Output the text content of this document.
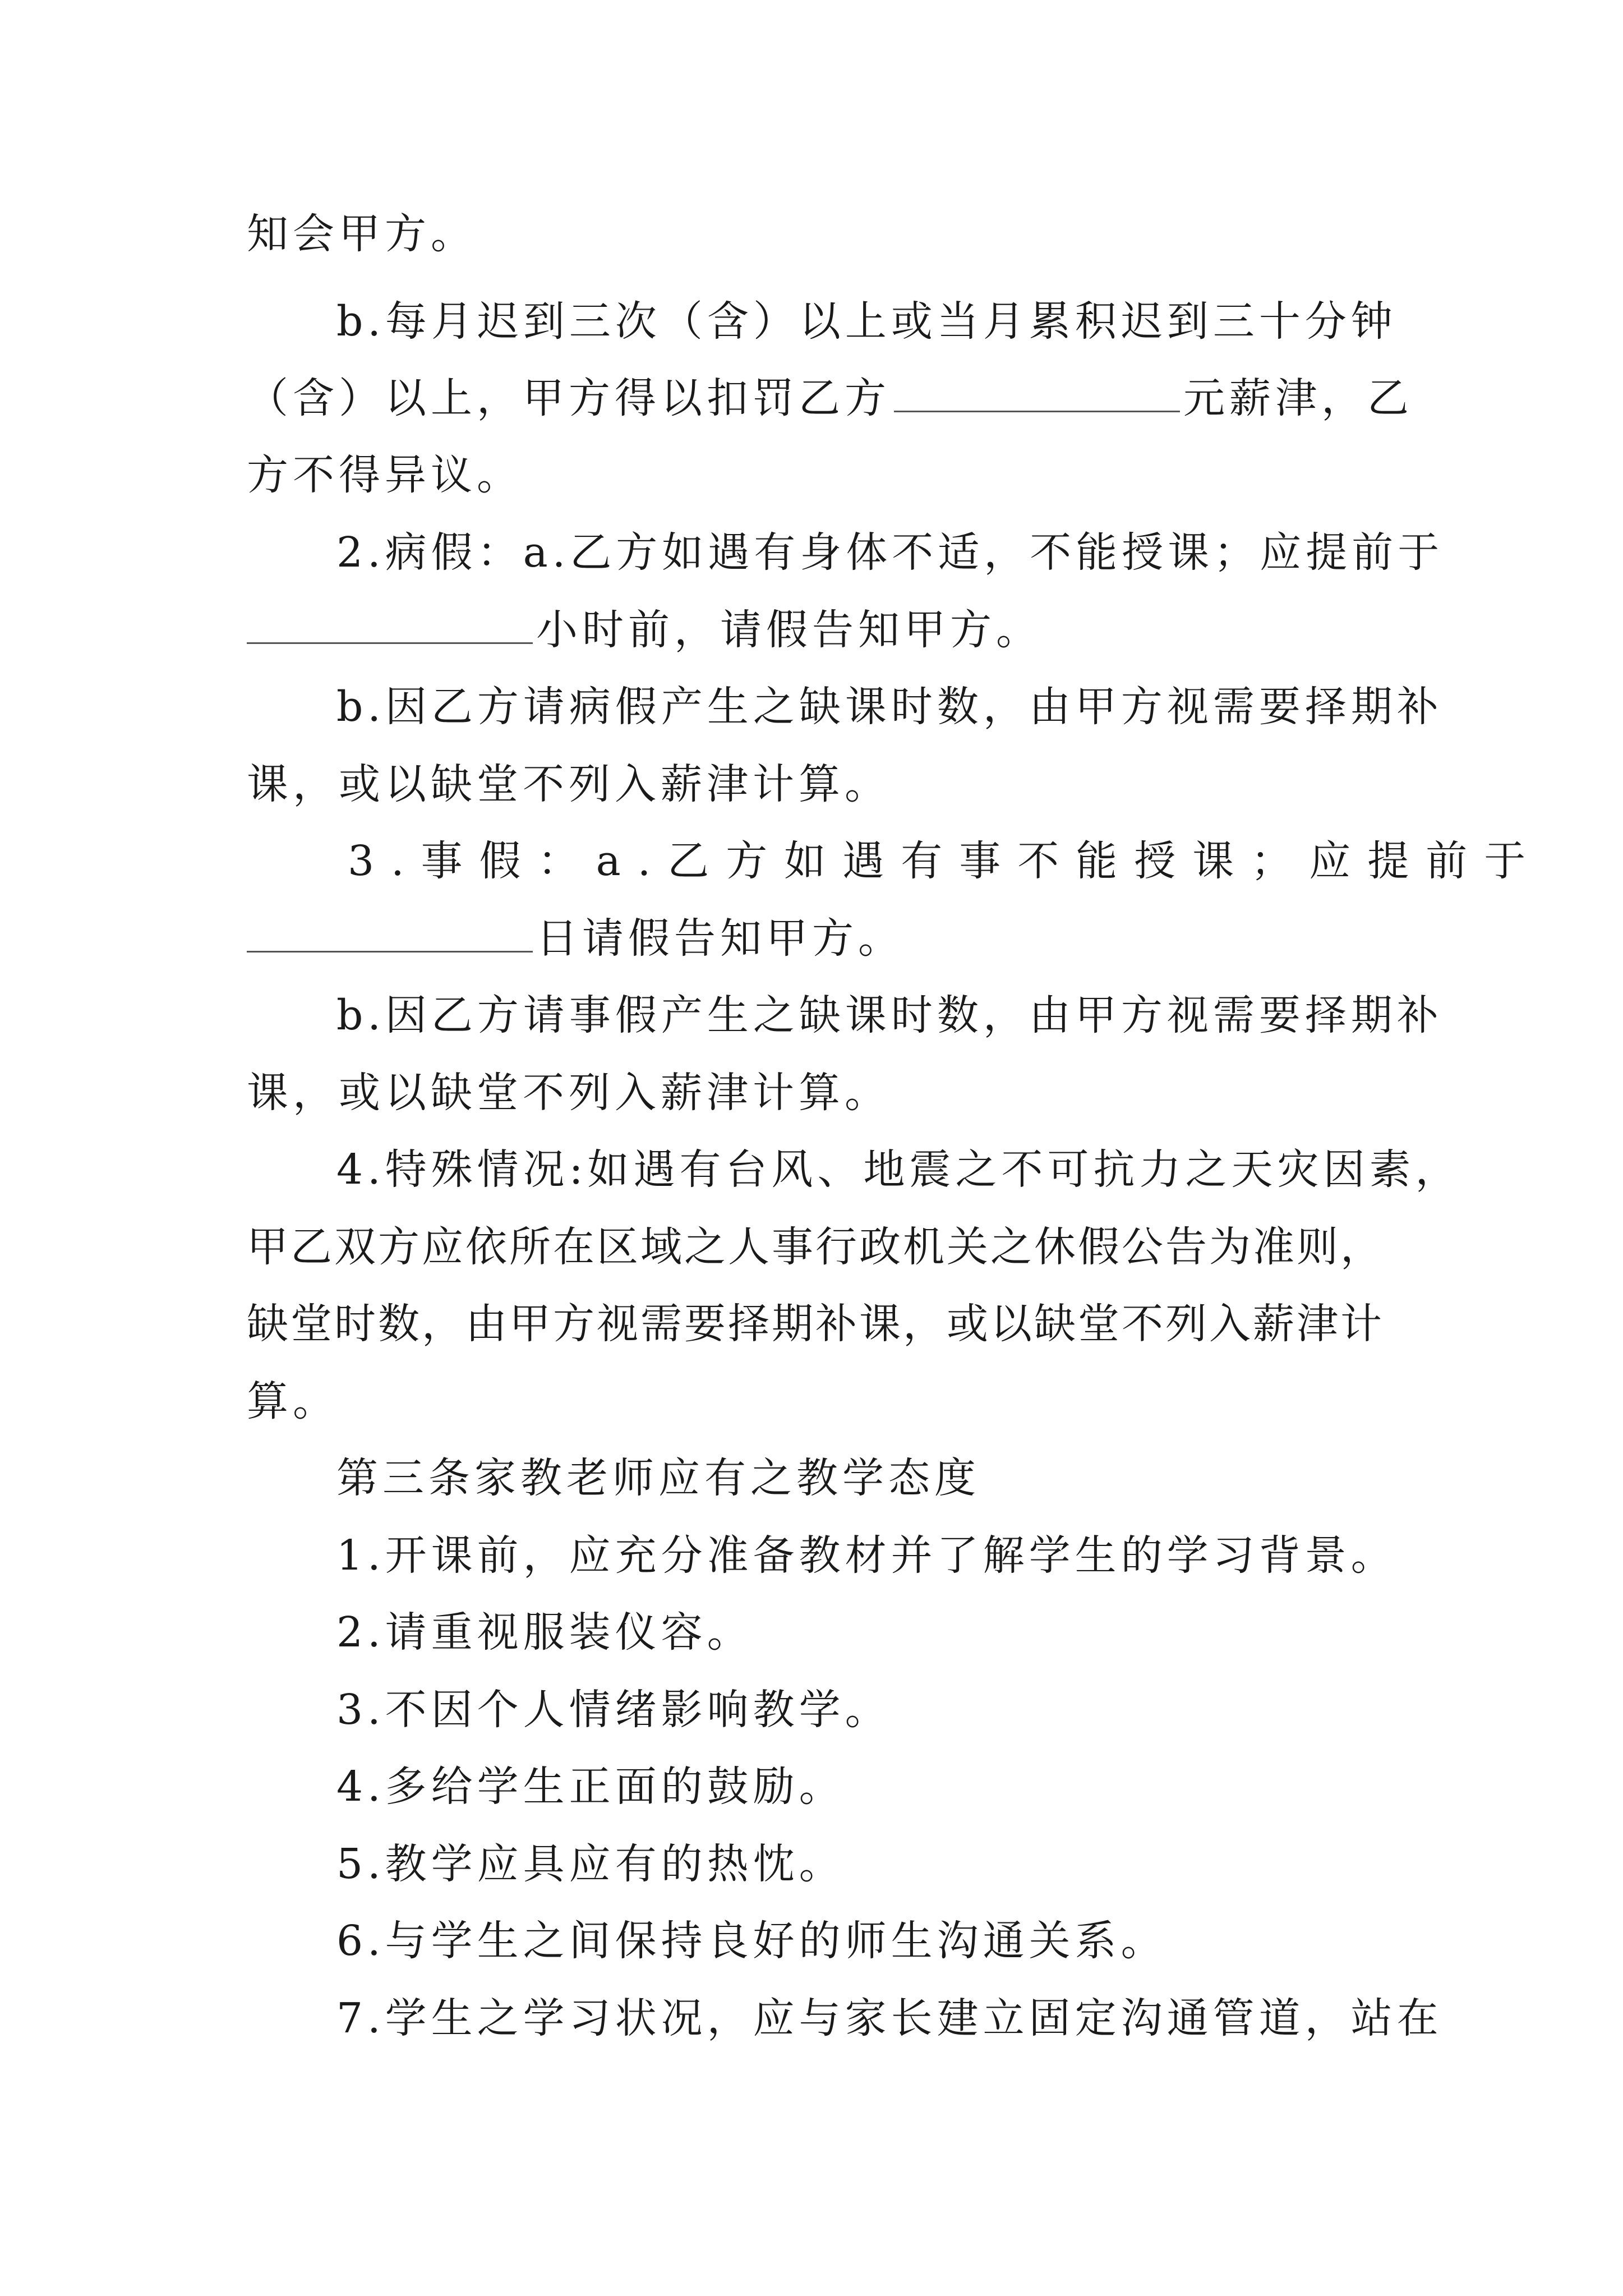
知会甲方。
b.每月迟到三次（含）以上或当月累积迟到三十分钟
（含）以上，甲方得以扣罚乙方	元薪津，乙
方不得异议。
2.病假：a.乙方如遇有身体不适，不能授课；应提前于
小时前，请假告知甲方。
b.因乙方请病假产生之缺课时数，由甲方视需要择期补
课，或以缺堂不列入薪津计算。
3.事假：a.乙方如遇有事不能授课；应提前于
日请假告知甲方。
b.因乙方请事假产生之缺课时数，由甲方视需要择期补
课，或以缺堂不列入薪津计算。
4.特殊情况:如遇有台风、地震之不可抗力之天灾因素，
甲乙双方应依所在区域之人事行政机关之休假公告为准则，
缺堂时数，由甲方视需要择期补课，或以缺堂不列入薪津计
算。
第三条家教老师应有之教学态度
1.开课前，应充分准备教材并了解学生的学习背景。
2.请重视服装仪容。
3.不因个人情绪影响教学。
4.多给学生正面的鼓励。
5.教学应具应有的热忱。
6.与学生之间保持良好的师生沟通关系。
7.学生之学习状况，应与家长建立固定沟通管道，站在
